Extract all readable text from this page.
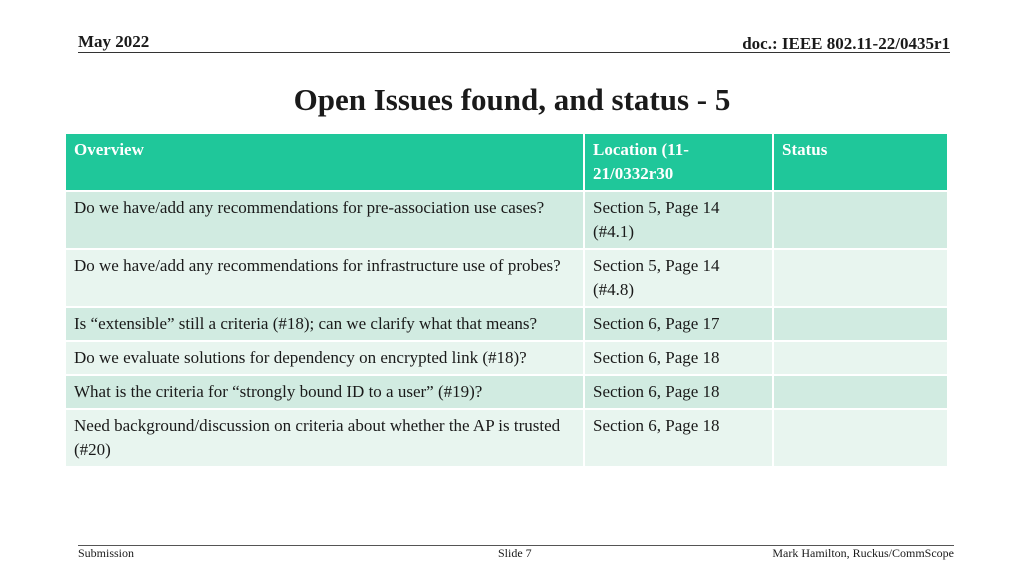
May 2022	doc.: IEEE 802.11-22/0435r1
Open Issues found, and status - 5
Overview	Location (11-21/0332r30	Status
Do we have/add any recommendations for pre-association use cases?	Section 5, Page 14 (#4.1)	
Do we have/add any recommendations for infrastructure use of probes?	Section 5, Page 14 (#4.8)	
Is “extensible” still a criteria (#18); can we clarify what that means?	Section 6, Page 17	
Do we evaluate solutions for dependency on encrypted link (#18)?	Section 6, Page 18	
What is the criteria for “strongly bound ID to a user” (#19)?	Section 6, Page 18	
Need background/discussion on criteria about whether the AP is trusted (#20)	Section 6, Page 18	
Submission	Slide 7	Mark Hamilton, Ruckus/CommScope
